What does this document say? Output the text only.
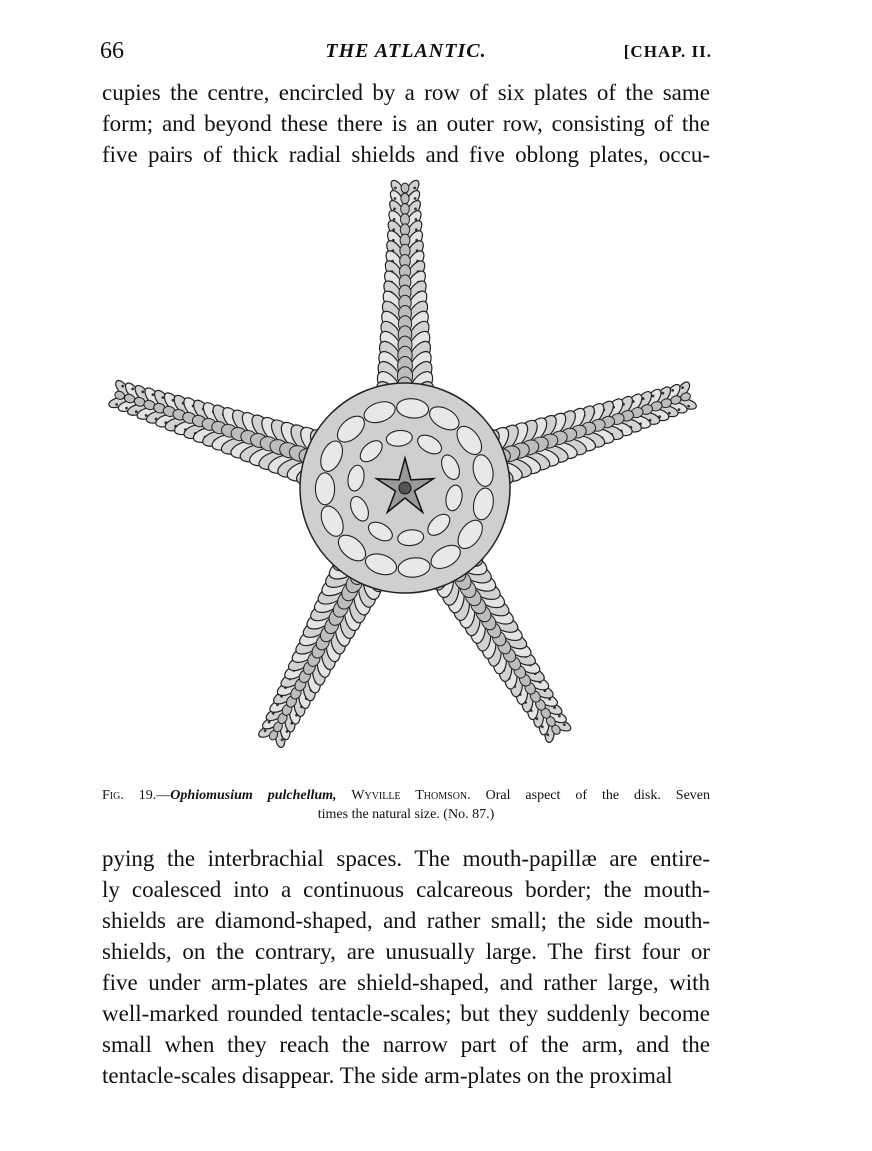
66	THE ATLANTIC.	[CHAP. II.
cupies the centre, encircled by a row of six plates of the same
form; and beyond these there is an outer row, consisting of the
five pairs of thick radial shields and five oblong plates, occu-
Fig. 19.—Ophiomusium pulchellum, Wyville Thomson. Oral aspect of the disk. Seven
times the natural size. (No. 87.)
pying the interbrachial spaces. The mouth-papillæ are entire-
ly coalesced into a continuous calcareous border; the mouth-
shields are diamond-shaped, and rather small; the side mouth-
shields, on the contrary, are unusually large. The first four or
five under arm-plates are shield-shaped, and rather large, with
well-marked rounded tentacle-scales; but they suddenly become
small when they reach the narrow part of the arm, and the
tentacle-scales disappear. The side arm-plates on the proximal
